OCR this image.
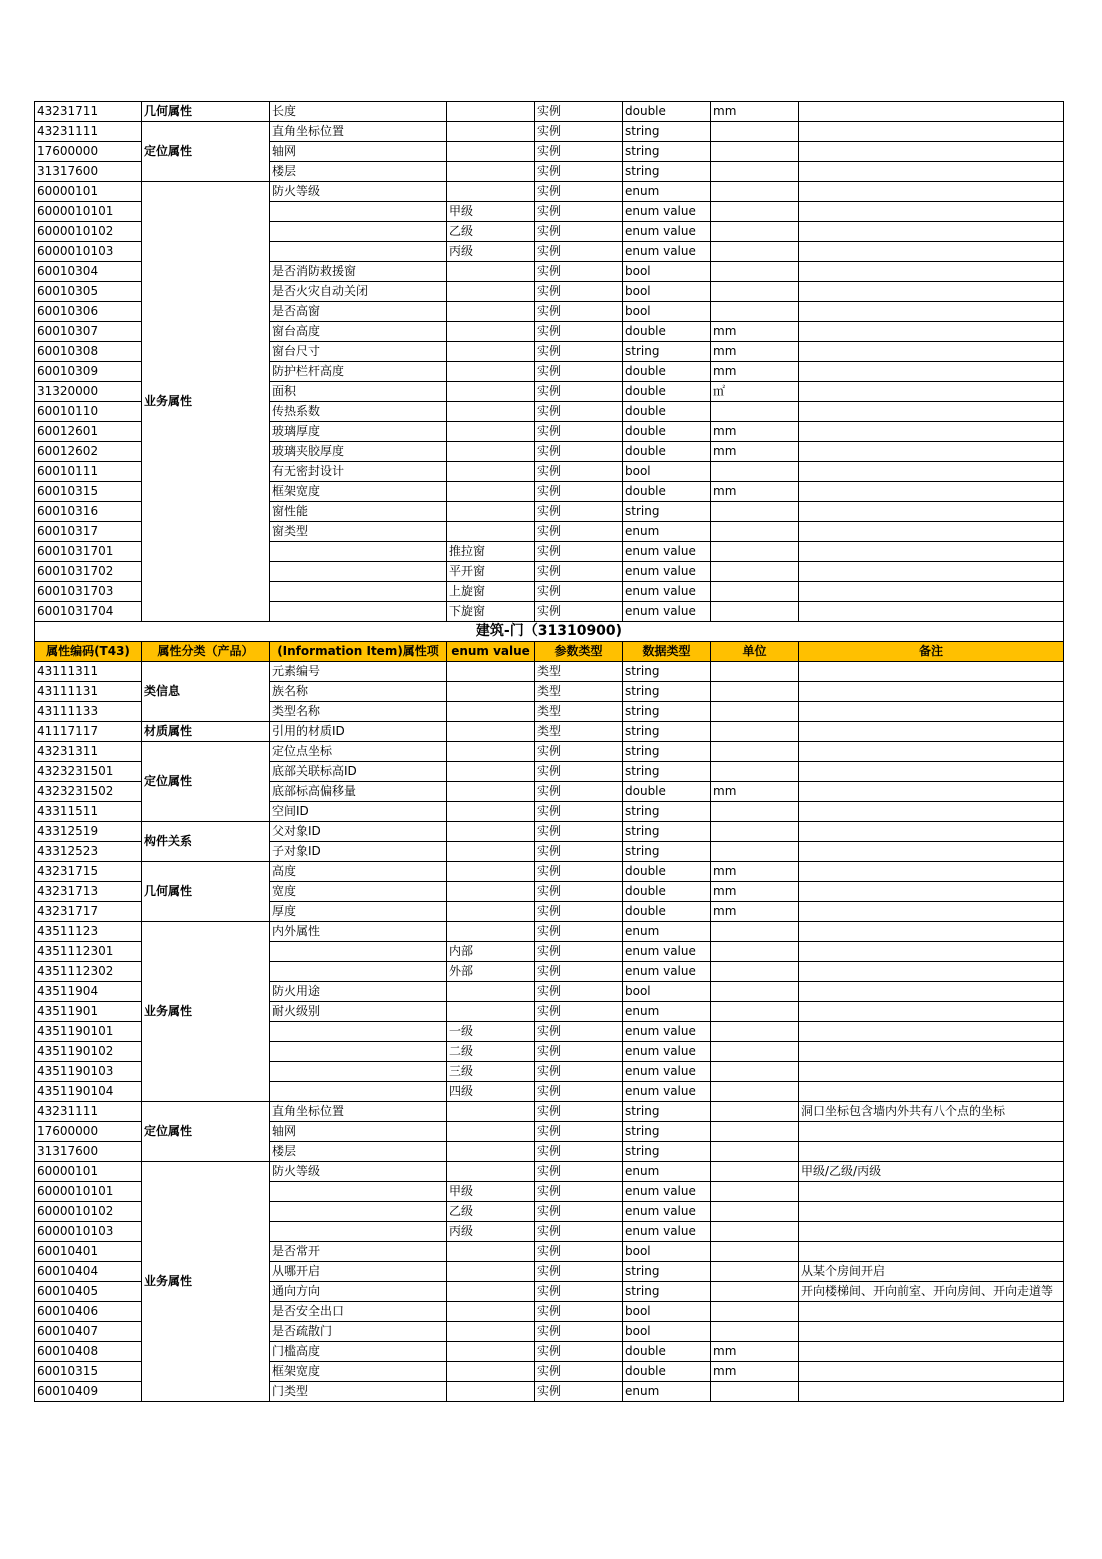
43231711	几何属性	长度		实例	double	mm	
43231111	定位属性	直角坐标位置		实例	string		
17600000		轴网		实例	string		
31317600		楼层		实例	string		
60000101	业务属性	防火等级		实例	enum		
6000010101			甲级	实例	enum value		
6000010102			乙级	实例	enum value		
6000010103			丙级	实例	enum value		
60010304		是否消防救援窗		实例	bool		
60010305		是否火灾自动关闭		实例	bool		
60010306		是否高窗		实例	bool		
60010307		窗台高度		实例	double	mm	
60010308		窗台尺寸		实例	string	mm	
60010309		防护栏杆高度		实例	double	mm	
31320000		面积		实例	double	㎡	
60010110		传热系数		实例	double		
60012601		玻璃厚度		实例	double	mm	
60012602		玻璃夹胶厚度		实例	double	mm	
60010111		有无密封设计		实例	bool		
60010315		框架宽度		实例	double	mm	
60010316		窗性能		实例	string		
60010317		窗类型		实例	enum		
6001031701			推拉窗	实例	enum value		
6001031702			平开窗	实例	enum value		
6001031703			上旋窗	实例	enum value		
6001031704			下旋窗	实例	enum value		
建筑-门（31310900)							
属性编码(T43)	属性分类（产品）	(Information Item)属性项	enum value	参数类型	数据类型	单位	备注
43111311	类信息	元素编号		类型	string		
43111131		族名称		类型	string		
43111133		类型名称		类型	string		
41117117	材质属性	引用的材质ID		类型	string		
43231311	定位属性	定位点坐标		实例	string		
4323231501		底部关联标高ID		实例	string		
4323231502		底部标高偏移量		实例	double	mm	
43311511		空间ID		实例	string		
43312519	构件关系	父对象ID		实例	string		
43312523		子对象ID		实例	string		
43231715	几何属性	高度		实例	double	mm	
43231713		宽度		实例	double	mm	
43231717		厚度		实例	double	mm	
43511123	业务属性	内外属性		实例	enum		
4351112301			内部	实例	enum value		
4351112302			外部	实例	enum value		
43511904		防火用途		实例	bool		
43511901		耐火级别		实例	enum		
4351190101			一级	实例	enum value		
4351190102			二级	实例	enum value		
4351190103			三级	实例	enum value		
4351190104			四级	实例	enum value		
43231111	定位属性	直角坐标位置		实例	string		洞口坐标包含墙内外共有八个点的坐标
17600000		轴网		实例	string		
31317600		楼层		实例	string		
60000101	业务属性	防火等级		实例	enum		甲级/乙级/丙级
6000010101			甲级	实例	enum value		
6000010102			乙级	实例	enum value		
6000010103			丙级	实例	enum value		
60010401		是否常开		实例	bool		
60010404		从哪开启		实例	string		从某个房间开启
60010405		通向方向		实例	string		开向楼梯间、开向前室、开向房间、开向走道等
60010406		是否安全出口		实例	bool		
60010407		是否疏散门		实例	bool		
60010408		门槛高度		实例	double	mm	
60010315		框架宽度		实例	double	mm	
60010409		门类型		实例	enum		
